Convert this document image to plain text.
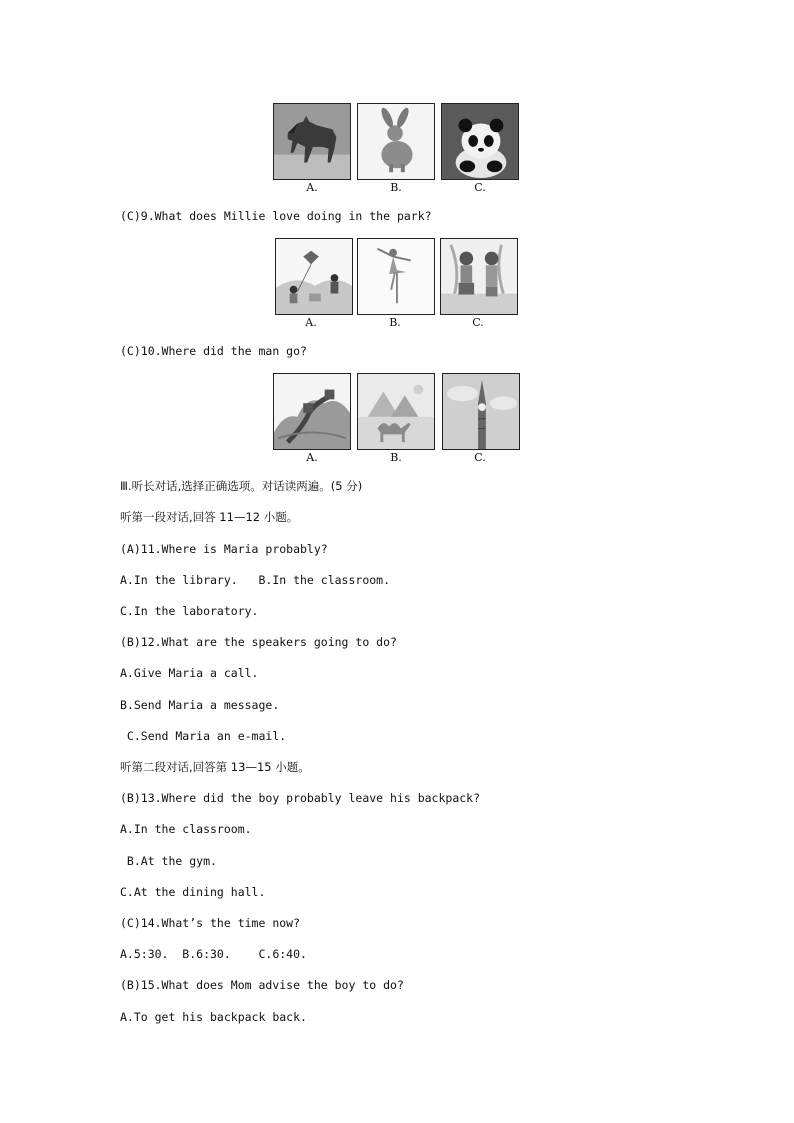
A.	B.	C.
(C)9.What does Millie love doing in the park?
A.	B.	C.
(C)10.Where did the man go?
A.	B.	C.
Ⅲ.听长对话,选择正确选项。对话读两遍。(5 分)
听第一段对话,回答 11—12 小题。
(A)11.Where is Maria probably?
A.In the library.   B.In the classroom.
C.In the laboratory.
(B)12.What are the speakers going to do?
A.Give Maria a call.
B.Send Maria a message.
C.Send Maria an e-mail.
听第二段对话,回答第 13—15 小题。
(B)13.Where did the boy probably leave his backpack?
A.In the classroom.
B.At the gym.
C.At the dining hall.
(C)14.What’s the time now?
A.5:30.  B.6:30.    C.6:40.
(B)15.What does Mom advise the boy to do?
A.To get his backpack back.
